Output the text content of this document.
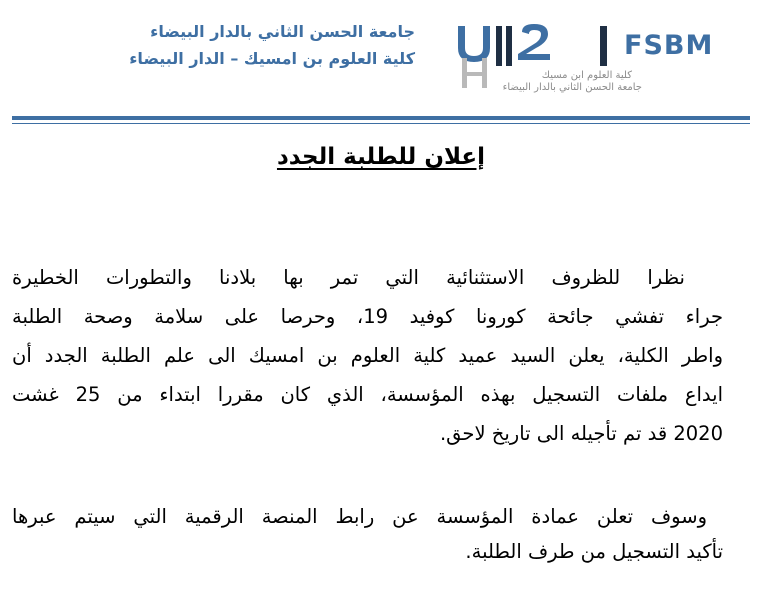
جامعة الحسن الثاني بالدار البيضاء
كلية العلوم بن امسيك – الدار البيضاء	FSBM
كلية العلوم ابن مسيك
جامعة الحسن الثاني بالدار البيضاء
إعلان للطلبة الجدد
نظرا للظروف الاستثنائية التي تمر بها بلادنا والتطورات الخطيرة
جراء تفشي جائحة كورونا كوفيد 19، وحرصا على سلامة وصحة الطلبة
واطر الكلية، يعلن السيد عميد كلية العلوم بن امسيك الى علم الطلبة الجدد أن
ايداع ملفات التسجيل بهذه المؤسسة، الذي كان مقررا ابتداء من 25 غشت
2020 قد تم تأجيله الى تاريخ لاحق.
وسوف تعلن عمادة المؤسسة عن رابط المنصة الرقمية التي سيتم عبرها
تأكيد التسجيل من طرف الطلبة.
